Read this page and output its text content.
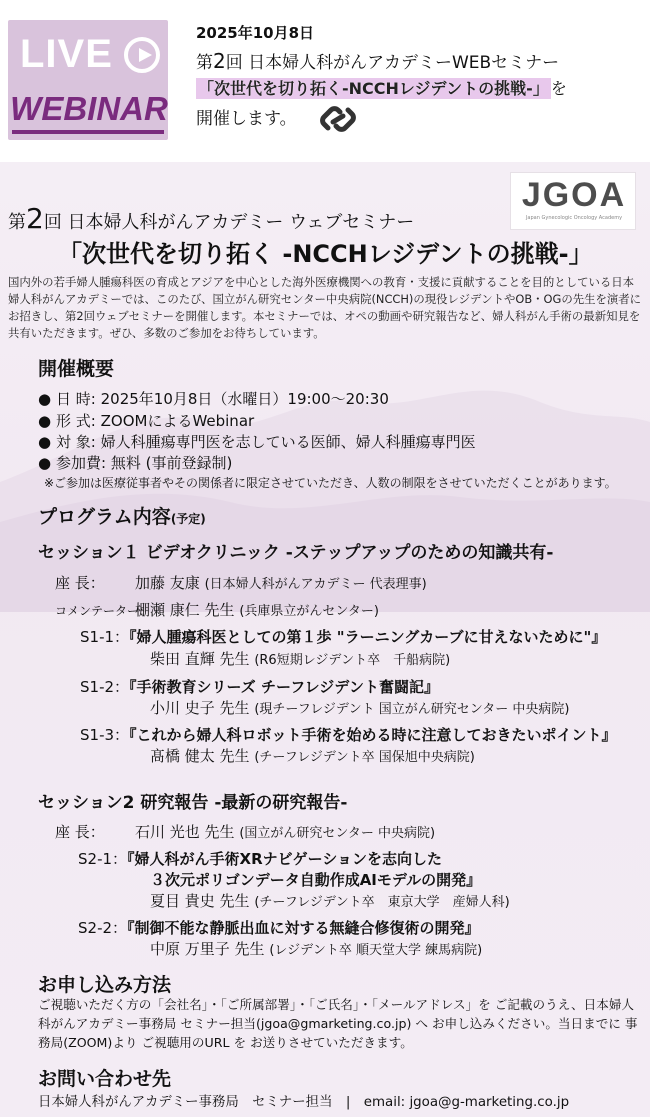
LIVE
WEBINAR
2025年10月8日
第2回 日本婦人科がんアカデミーWEBセミナー
「次世代を切り拓く-NCCHレジデントの挑戦-」 を
開催します。
JGOA
Japan Gynecologic Oncology Academy
第2回 日本婦人科がんアカデミー ウェブセミナー
「次世代を切り拓く -NCCHレジデントの挑戦-」
国内外の若手婦人腫瘍科医の育成とアジアを中心とした海外医療機関への教育・支援に貢献することを目的としている日本婦人科がんアカデミーでは、このたび、国立がん研究センター中央病院(NCCH)の現役レジデントやOB・OGの先生を演者にお招きし、第2回ウェブセミナーを開催します。本セミナーでは、オペの動画や研究報告など、婦人科がん手術の最新知見を共有いただきます。ぜひ、多数のご参加をお待ちしています。
開催概要
● 日 時: 2025年10月8日（水曜日）19:00～20:30
● 形 式: ZOOMによるWebinar
● 対 象: 婦人科腫瘍専門医を志している医師、婦人科腫瘍専門医
● 参加費: 無料 (事前登録制)
※ご参加は医療従事者やその関係者に限定させていただき、人数の制限をさせていただくことがあります。
プログラム内容(予定)
セッション１ ビデオクリニック -ステップアップのための知識共有-
座 長： 加藤 友康 (日本婦人科がんアカデミー 代表理事)
コメンテーター：棚瀬 康仁 先生 (兵庫県立がんセンター)
S1-1：『婦人腫瘍科医としての第１歩 "ラーニングカーブに甘えないために"』
柴田 直輝 先生 (R6短期レジデント卒　千船病院)
S1-2：『手術教育シリーズ チーフレジデント奮闘記』
小川 史子 先生 (現チーフレジデント 国立がん研究センター 中央病院)
S1-3：『これから婦人科ロボット手術を始める時に注意しておきたいポイント』
髙橋 健太 先生 (チーフレジデント卒 国保旭中央病院)
セッション2 研究報告 -最新の研究報告-
座 長： 石川 光也 先生 (国立がん研究センター 中央病院)
S2-1：『婦人科がん手術XRナビゲーションを志向した
３次元ポリゴンデータ自動作成AIモデルの開発』
夏目 貴史 先生 (チーフレジデント卒　東京大学　産婦人科)
S2-2：『制御不能な静脈出血に対する無縫合修復術の開発』
中原 万里子 先生 (レジデント卒 順天堂大学 練馬病院)
お申し込み方法
ご視聴いただく方の「会社名」・「ご所属部署」・「ご氏名」・「メールアドレス」を ご記載のうえ、日本婦人科がんアカデミー事務局 セミナー担当(jgoa@gmarketing.co.jp) へ お申し込みください。当日までに 事務局(ZOOM)より ご視聴用のURL を お送りさせていただきます。
お問い合わせ先
日本婦人科がんアカデミー事務局　セミナー担当　|　email: jgoa@g-marketing.co.jp
